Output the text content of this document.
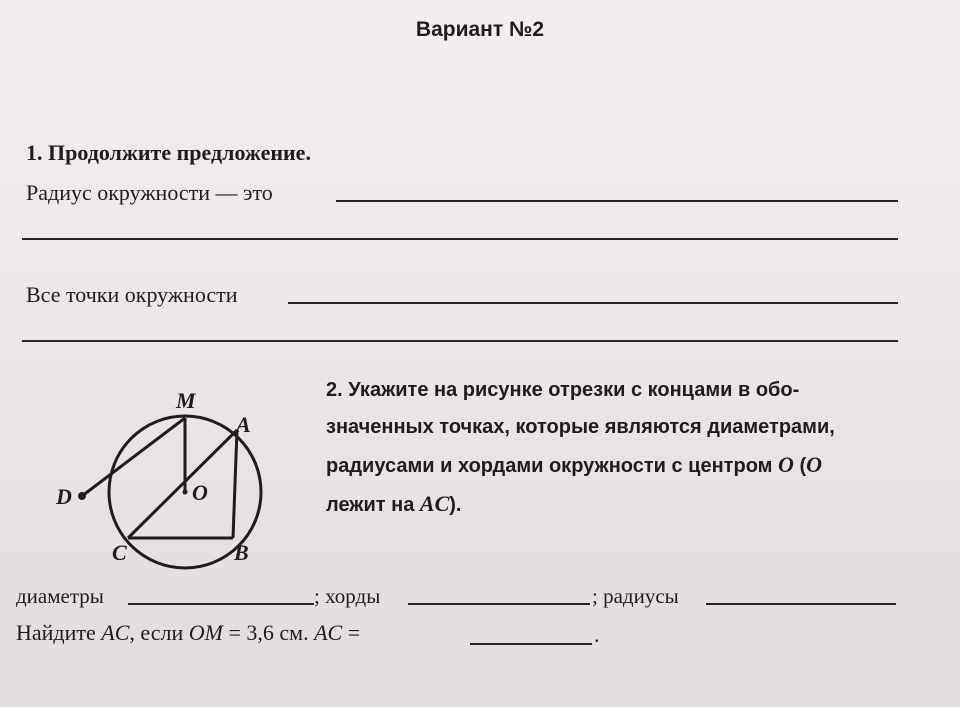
Вариант №2
1. Продолжите предложение.
Радиус окружности — это
Все точки окружности
M
A
D	O
C	B
2. Укажите на рисунке отрезки с концами в обо-
значенных точках, которые являются диаметрами,
радиусами и хордами окружности с центром O (O
лежит на AC).
диаметры	; хорды	; радиусы
Найдите AC, если OM = 3,6 см. AC =	.
